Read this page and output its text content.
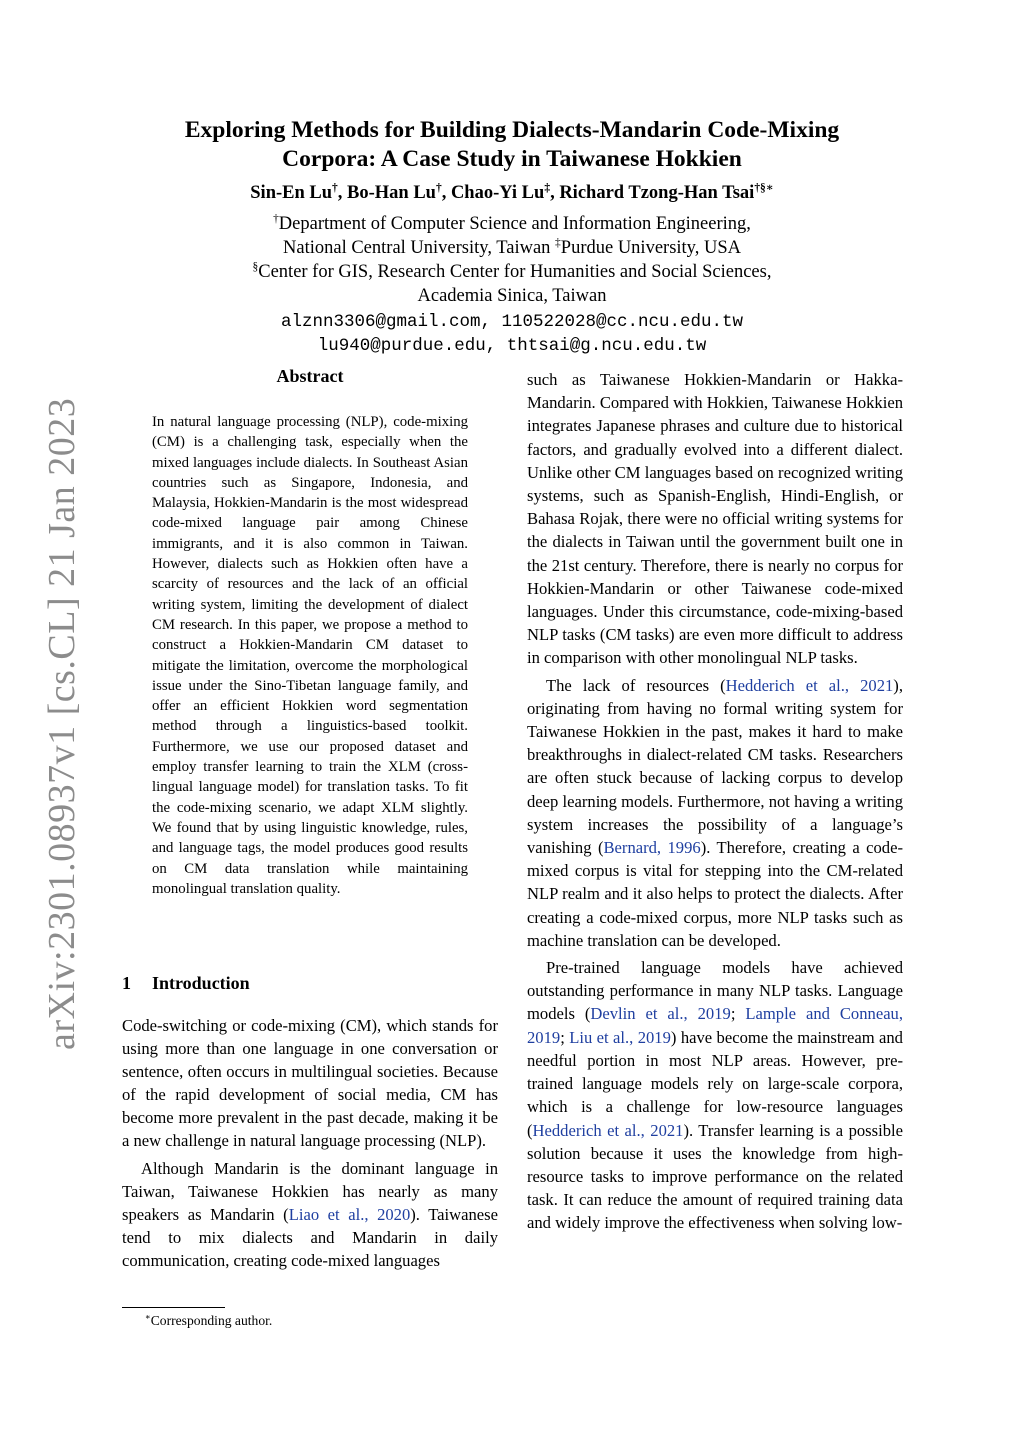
arXiv:2301.08937v1 [cs.CL] 21 Jan 2023
Exploring Methods for Building Dialects-Mandarin Code-Mixing
Corpora: A Case Study in Taiwanese Hokkien
Sin-En Lu†, Bo-Han Lu†, Chao-Yi Lu‡, Richard Tzong-Han Tsai†§∗
†Department of Computer Science and Information Engineering,
National Central University, Taiwan ‡Purdue University, USA
§Center for GIS, Research Center for Humanities and Social Sciences,
Academia Sinica, Taiwan
alznn3306@gmail.com, 110522028@cc.ncu.edu.tw
lu940@purdue.edu, thtsai@g.ncu.edu.tw
Abstract
In natural language processing (NLP), code-mixing (CM) is a challenging task, especially when the mixed languages include dialects. In Southeast Asian countries such as Singapore, Indonesia, and Malaysia, Hokkien-Mandarin is the most widespread code-mixed language pair among Chinese immigrants, and it is also common in Taiwan. However, dialects such as Hokkien often have a scarcity of resources and the lack of an official writing system, limiting the development of dialect CM research. In this paper, we propose a method to construct a Hokkien-Mandarin CM dataset to mitigate the limitation, overcome the morphological issue under the Sino-Tibetan language family, and offer an efficient Hokkien word segmentation method through a linguistics-based toolkit. Furthermore, we use our proposed dataset and employ transfer learning to train the XLM (cross-lingual language model) for translation tasks. To fit the code-mixing scenario, we adapt XLM slightly. We found that by using linguistic knowledge, rules, and language tags, the model produces good results on CM data translation while maintaining monolingual translation quality.
1 Introduction

Code-switching or code-mixing (CM), which stands for using more than one language in one conversation or sentence, often occurs in multilingual societies. Because of the rapid development of social media, CM has become more prevalent in the past decade, making it be a new challenge in natural language processing (NLP).

Although Mandarin is the dominant language in Taiwan, Taiwanese Hokkien has nearly as many speakers as Mandarin (Liao et al., 2020). Taiwanese tend to mix dialects and Mandarin in daily communication, creating code-mixed languages

∗Corresponding author.

such as Taiwanese Hokkien-Mandarin or Hakka-Mandarin. Compared with Hokkien, Taiwanese Hokkien integrates Japanese phrases and culture due to historical factors, and gradually evolved into a different dialect. Unlike other CM languages based on recognized writing systems, such as Spanish-English, Hindi-English, or Bahasa Rojak, there were no official writing systems for the dialects in Taiwan until the government built one in the 21st century. Therefore, there is nearly no corpus for Hokkien-Mandarin or other Taiwanese code-mixed languages. Under this circumstance, code-mixing-based NLP tasks (CM tasks) are even more difficult to address in comparison with other monolingual NLP tasks.

The lack of resources (Hedderich et al., 2021), originating from having no formal writing system for Taiwanese Hokkien in the past, makes it hard to make breakthroughs in dialect-related CM tasks. Researchers are often stuck because of lacking corpus to develop deep learning models. Furthermore, not having a writing system increases the possibility of a language’s vanishing (Bernard, 1996). Therefore, creating a code-mixed corpus is vital for stepping into the CM-related NLP realm and it also helps to protect the dialects. After creating a code-mixed corpus, more NLP tasks such as machine translation can be developed.

Pre-trained language models have achieved outstanding performance in many NLP tasks. Language models (Devlin et al., 2019; Lample and Conneau, 2019; Liu et al., 2019) have become the mainstream and needful portion in most NLP areas. However, pre-trained language models rely on large-scale corpora, which is a challenge for low-resource languages (Hedderich et al., 2021). Transfer learning is a possible solution because it uses the knowledge from high-resource tasks to improve performance on the related task. It can reduce the amount of required training data and widely improve the effectiveness when solving low-
